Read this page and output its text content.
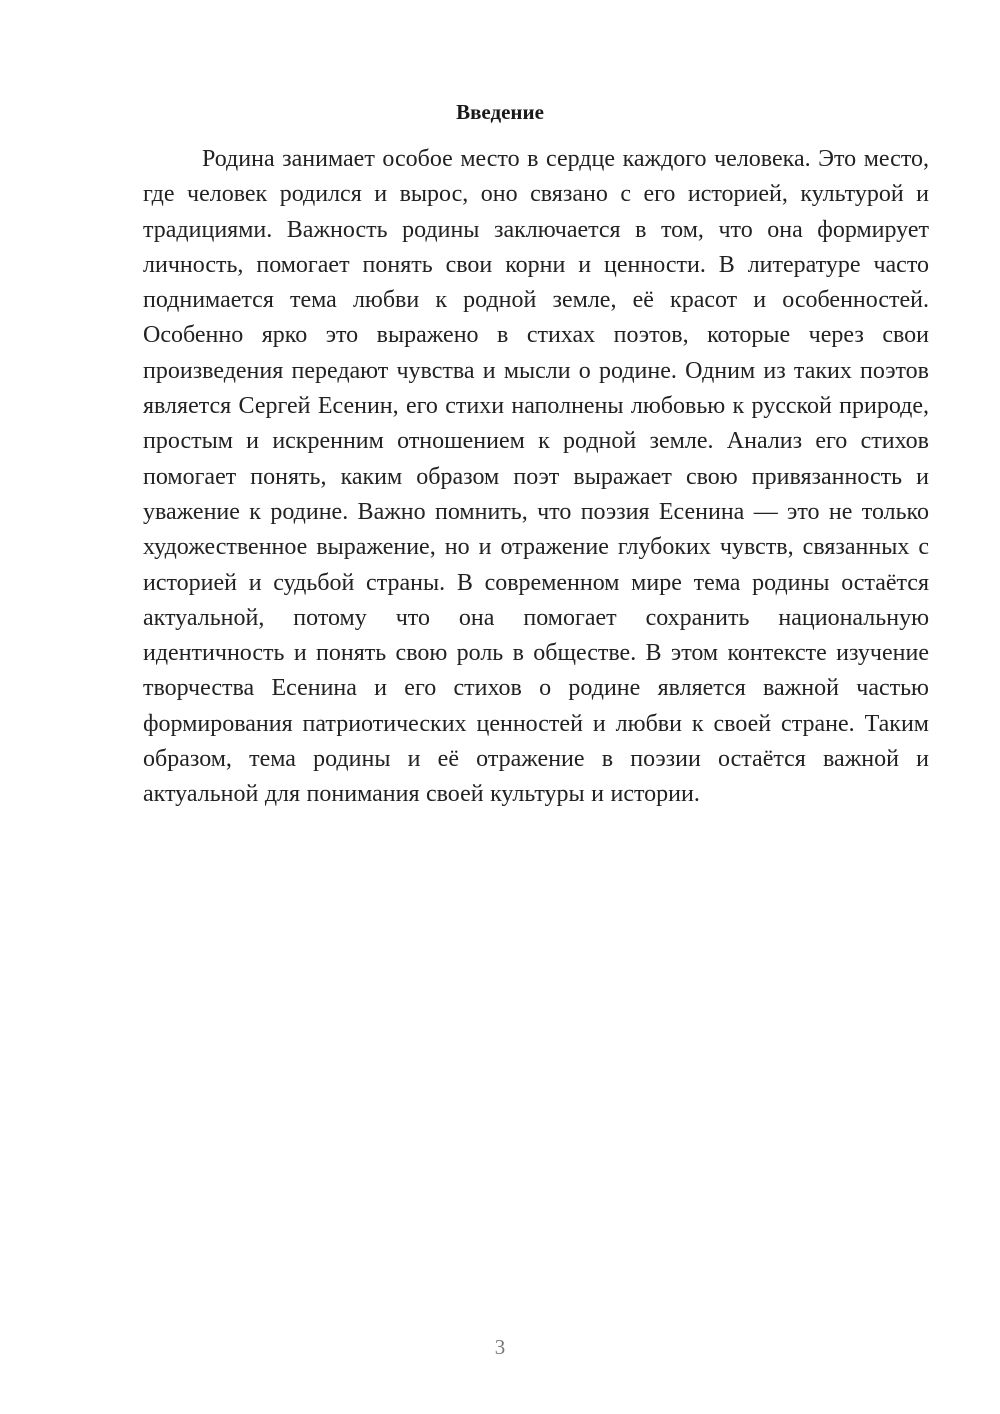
Введение

Родина занимает особое место в сердце каждого человека. Это место, где человек родился и вырос, оно связано с его историей, культурой и традициями. Важность родины заключается в том, что она формирует личность, помогает понять свои корни и ценности. В литературе часто поднимается тема любви к родной земле, её красот и особенностей. Особенно ярко это выражено в стихах поэтов, которые через свои произведения передают чувства и мысли о родине. Одним из таких поэтов является Сергей Есенин, его стихи наполнены любовью к русской природе, простым и искренним отношением к родной земле. Анализ его стихов помогает понять, каким образом поэт выражает свою привязанность и уважение к родине. Важно помнить, что поэзия Есенина — это не только художественное выражение, но и отражение глубоких чувств, связанных с историей и судьбой страны. В современном мире тема родины остаётся актуальной, потому что она помогает сохранить национальную идентичность и понять свою роль в обществе. В этом контексте изучение творчества Есенина и его стихов о родине является важной частью формирования патриотических ценностей и любви к своей стране. Таким образом, тема родины и её отражение в поэзии остаётся важной и актуальной для понимания своей культуры и истории.

3
